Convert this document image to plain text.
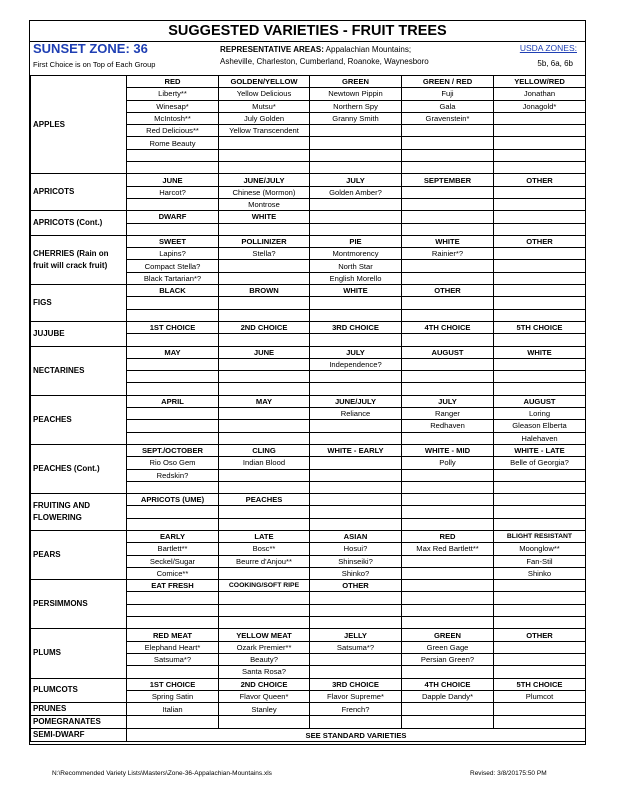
SUGGESTED VARIETIES - FRUIT TREES
SUNSET ZONE: 36
First Choice is on Top of Each Group
REPRESENTATIVE AREAS: Appalachian Mountains;
Asheville, Charleston, Cumberland, Roanoke, Waynesboro
USDA ZONES:
5b, 6a, 6b
APPLES	RED	GOLDEN/YELLOW	GREEN	GREEN / RED	YELLOW/RED
	Liberty**	Yellow Delicious	Newtown Pippin	Fuji	Jonathan
	Winesap*	Mutsu*	Northern Spy	Gala	Jonagold*
	McIntosh**	July Golden	Granny Smith	Gravenstein*	
	Red Delicious**	Yellow Transcendent			
	Rome Beauty				

APRICOTS	JUNE	JUNE/JULY	JULY	SEPTEMBER	OTHER
	Harcot?	Chinese (Mormon)	Golden Amber?		
		Montrose			
APRICOTS (Cont.)	DWARF	WHITE			

CHERRIES (Rain on fruit will crack fruit)	SWEET	POLLINIZER	PIE	WHITE	OTHER
	Lapins?	Stella?	Montmorency	Rainier*?	
	Compact Stella?		North Star		
	Black Tartarian*?		English Morello		
FIGS	BLACK	BROWN	WHITE	OTHER	

JUJUBE	1ST CHOICE	2ND CHOICE	3RD CHOICE	4TH CHOICE	5TH CHOICE

NECTARINES	MAY	JUNE	JULY	AUGUST	WHITE
			Independence?		

PEACHES	APRIL	MAY	JUNE/JULY	JULY	AUGUST
			Reliance	Ranger	Loring
				Redhaven	Gleason Elberta
					Halehaven
PEACHES (Cont.)	SEPT./OCTOBER	CLING	WHITE - EARLY	WHITE - MID	WHITE - LATE
	Rio Oso Gem	Indian Blood		Polly	Belle of Georgia?
	Redskin?				

FRUITING AND FLOWERING	APRICOTS (UME)	PEACHES			

PEARS	EARLY	LATE	ASIAN	RED	BLIGHT RESISTANT
	Bartlett**	Bosc**	Hosui?	Max Red Bartlett**	Moonglow**
	Seckel/Sugar	Beurre d'Anjou**	Shinseiki?		Fan-Stil
	Comice**		Shinko?		Shinko
PERSIMMONS	EAT FRESH	COOKING/SOFT RIPE	OTHER		

PLUMS	RED MEAT	YELLOW MEAT	JELLY	GREEN	OTHER
	Elephand Heart*	Ozark Premier**	Satsuma*?	Green Gage	
	Satsuma*?	Beauty?		Persian Green?	
		Santa Rosa?			
PLUMCOTS	1ST CHOICE	2ND CHOICE	3RD CHOICE	4TH CHOICE	5TH CHOICE
	Spring Satin	Flavor Queen*	Flavor Supreme*	Dapple Dandy*	Plumcot
PRUNES	Italian	Stanley	French?		
POMEGRANATES					
SEMI-DWARF	SEE STANDARD VARIETIES				
N:\Recommended Variety Lists\Masters\Zone-36-Appalachian-Mountains.xls	Revised: 3/8/20175:50 PM
